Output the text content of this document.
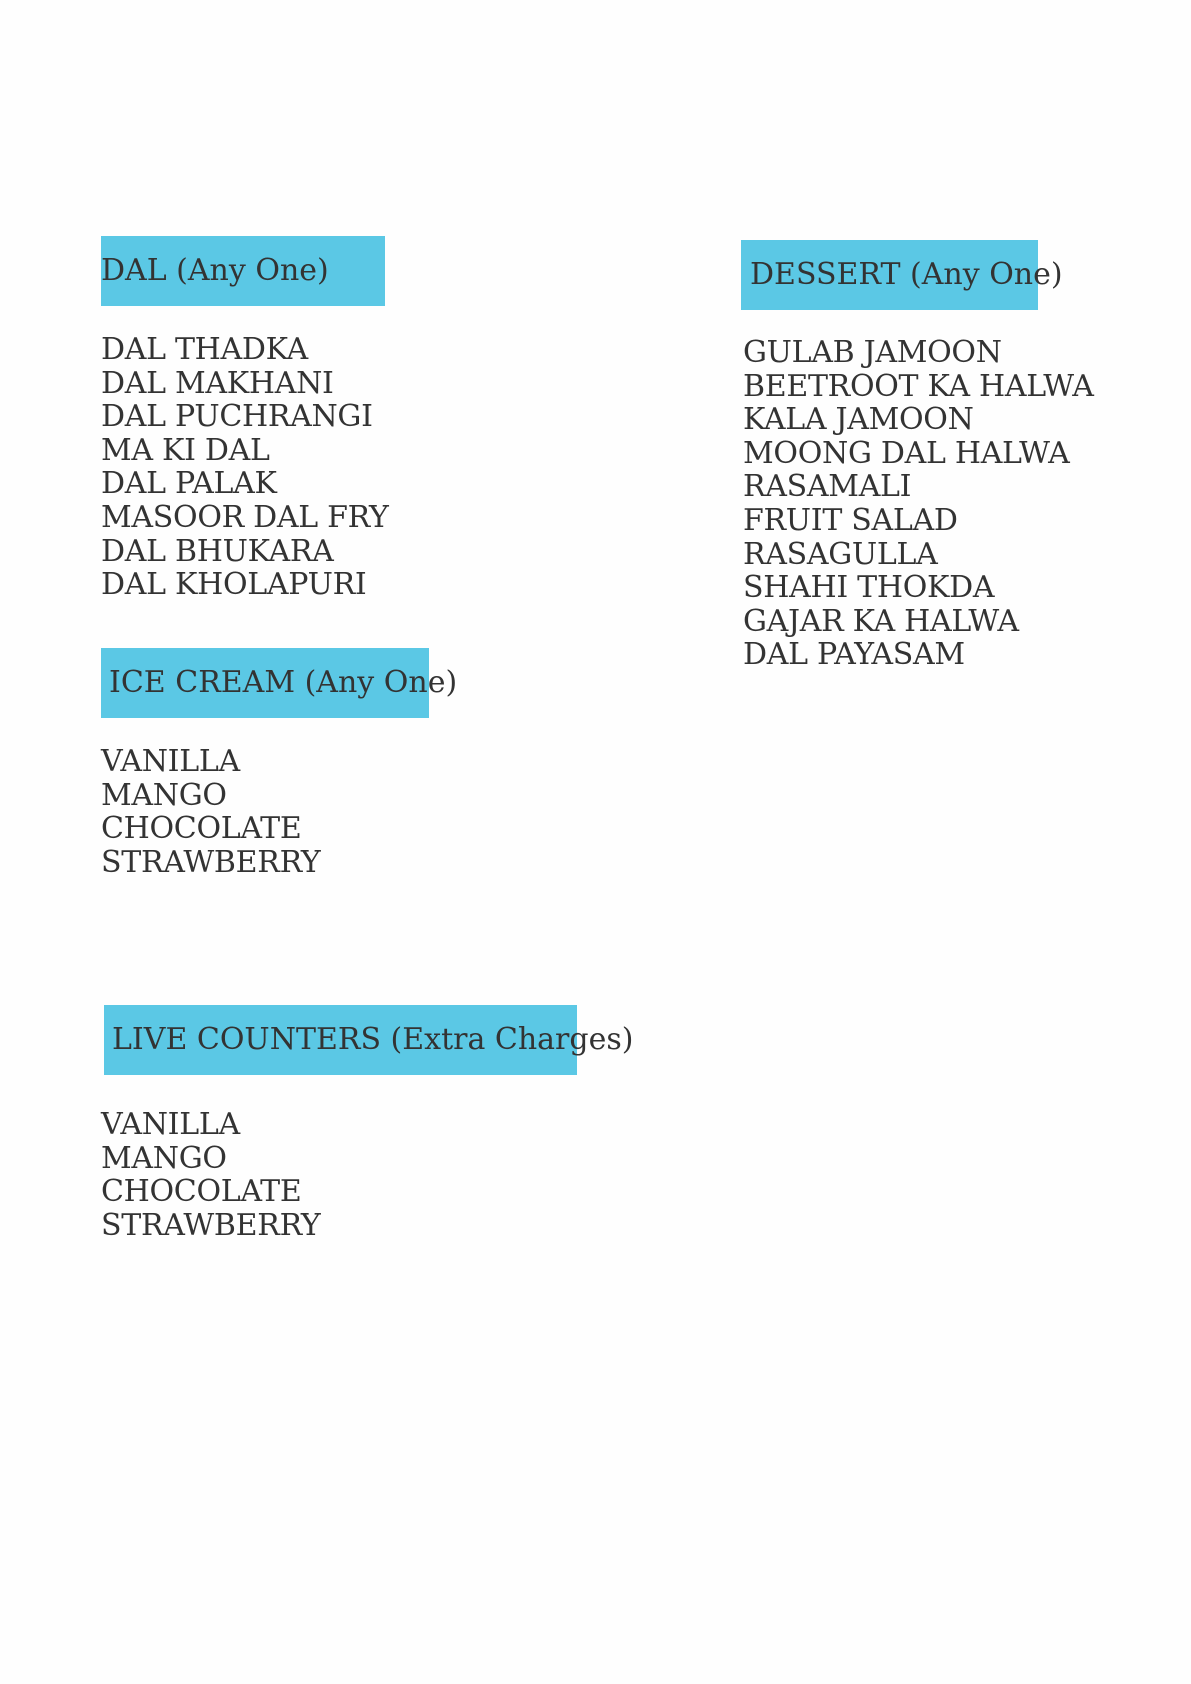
DAL (Any One)
DAL THADKA
DAL MAKHANI
DAL PUCHRANGI
MA KI DAL
DAL PALAK
MASOOR DAL FRY
DAL BHUKARA
DAL KHOLAPURI
DESSERT (Any One)
GULAB JAMOON
BEETROOT KA HALWA
KALA JAMOON
MOONG DAL HALWA
RASAMALI
FRUIT SALAD
RASAGULLA
SHAHI THOKDA
GAJAR KA HALWA
DAL PAYASAM
ICE CREAM (Any One)
VANILLA
MANGO
CHOCOLATE
STRAWBERRY
LIVE COUNTERS (Extra Charges)
VANILLA
MANGO
CHOCOLATE
STRAWBERRY
